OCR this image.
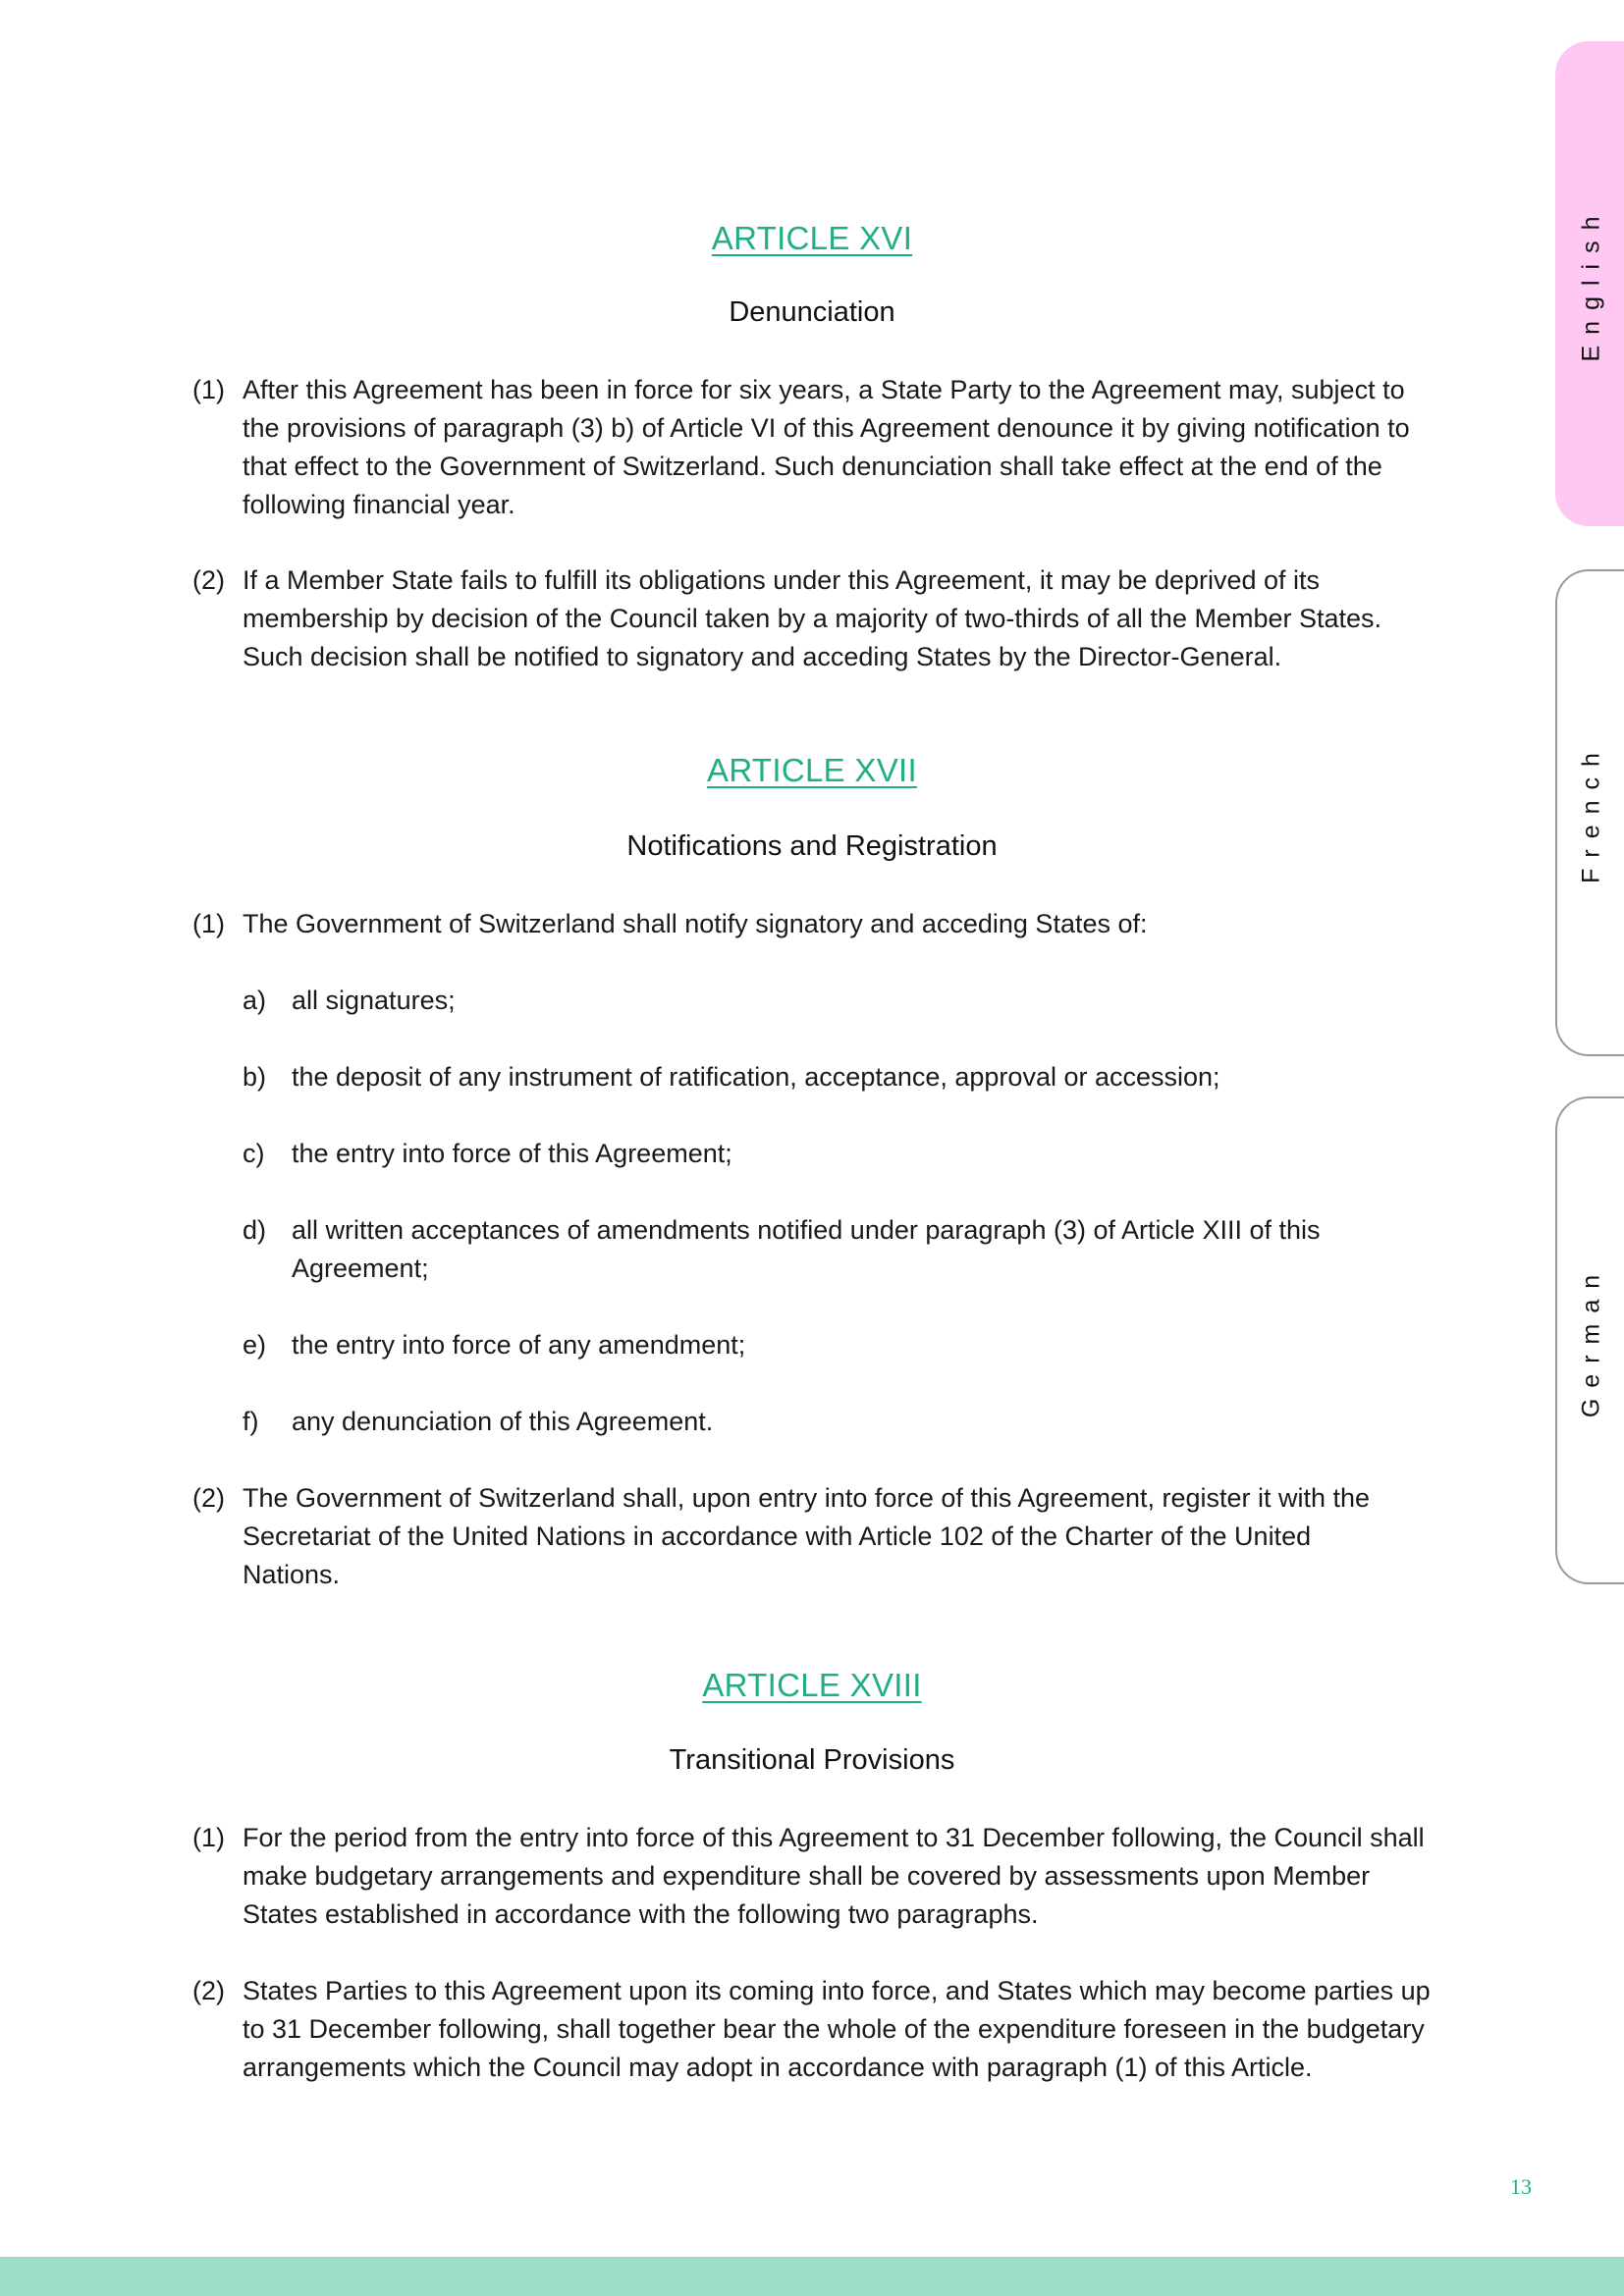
English
French
German
ARTICLE XVI
Denunciation
(1) After this Agreement has been in force for six years, a State Party to the Agreement may, subject to the provisions of paragraph (3) b) of Article VI of this Agreement denounce it by giving notification to that effect to the Government of Switzerland. Such denunciation shall take effect at the end of the following financial year.
(2) If a Member State fails to fulfill its obligations under this Agreement, it may be deprived of its membership by decision of the Council taken by a majority of two-thirds of all the Member States. Such decision shall be notified to signatory and acceding States by the Director-General.
ARTICLE XVII
Notifications and Registration
(1) The Government of Switzerland shall notify signatory and acceding States of:
a) all signatures;
b) the deposit of any instrument of ratification, acceptance, approval or accession;
c) the entry into force of this Agreement;
d) all written acceptances of amendments notified under paragraph (3) of Article XIII of this Agreement;
e) the entry into force of any amendment;
f) any denunciation of this Agreement.
(2) The Government of Switzerland shall, upon entry into force of this Agreement, register it with the Secretariat of the United Nations in accordance with Article 102 of the Charter of the United Nations.
ARTICLE XVIII
Transitional Provisions
(1) For the period from the entry into force of this Agreement to 31 December following, the Council shall make budgetary arrangements and expenditure shall be covered by assessments upon Member States established in accordance with the following two paragraphs.
(2) States Parties to this Agreement upon its coming into force, and States which may become parties up to 31 December following, shall together bear the whole of the expenditure foreseen in the budgetary arrangements which the Council may adopt in accordance with paragraph (1) of this Article.
13
